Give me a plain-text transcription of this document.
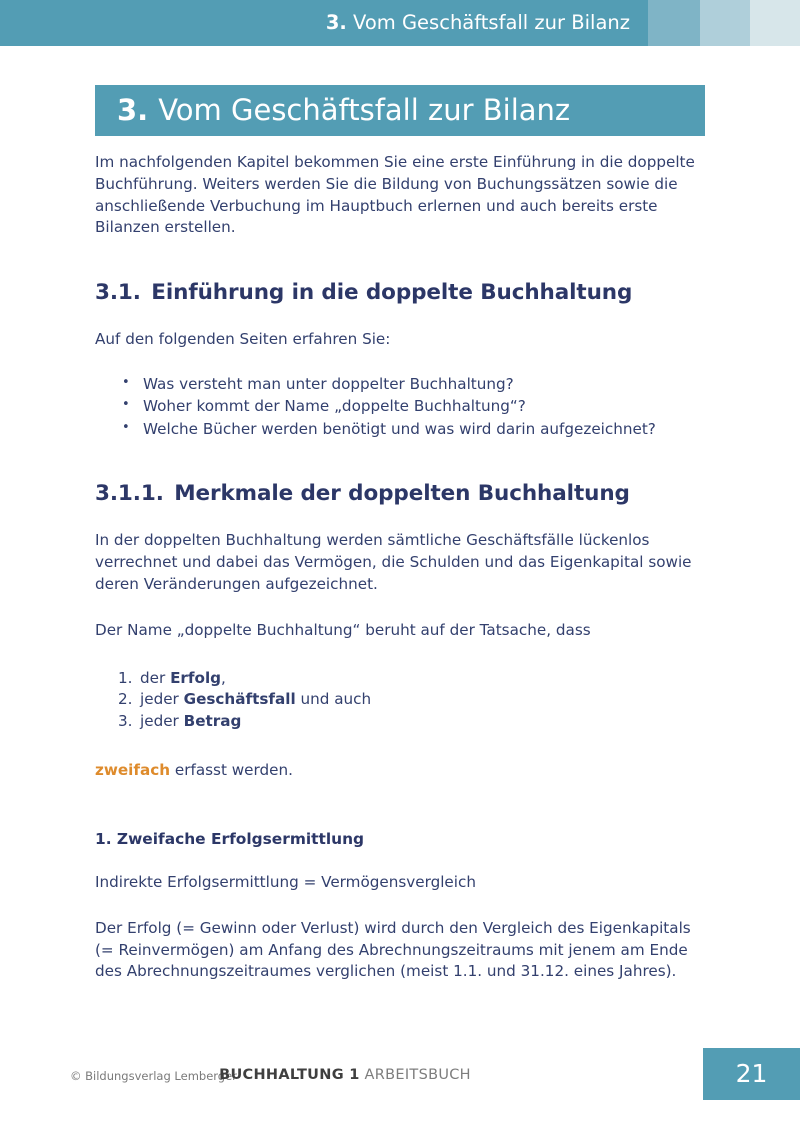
3. Vom Geschäftsfall zur Bilanz
3. Vom Geschäftsfall zur Bilanz

Im nachfolgenden Kapitel bekommen Sie eine erste Einführung in die doppelte Buchführung. Weiters werden Sie die Bildung von Buchungssätzen sowie die anschließende Verbuchung im Hauptbuch erlernen und auch bereits erste Bilanzen erstellen.

3.1. Einführung in die doppelte Buchhaltung

Auf den folgenden Seiten erfahren Sie:

• Was versteht man unter doppelter Buchhaltung?
• Woher kommt der Name „doppelte Buchhaltung“?
• Welche Bücher werden benötigt und was wird darin aufgezeichnet?
3.1.1. Merkmale der doppelten Buchhaltung

In der doppelten Buchhaltung werden sämtliche Geschäftsfälle lückenlos verrechnet und dabei das Vermögen, die Schulden und das Eigenkapital sowie deren Veränderungen aufgezeichnet.

Der Name „doppelte Buchhaltung“ beruht auf der Tatsache, dass

der Erfolg,
jeder Geschäftsfall und auch
jeder Betrag

zweifach erfasst werden.

1. Zweifache Erfolgsermittlung

Indirekte Erfolgsermittlung = Vermögensvergleich

Der Erfolg (= Gewinn oder Verlust) wird durch den Vergleich des Eigenkapitals (= Reinvermögen) am Anfang des Abrechnungszeitraums mit jenem am Ende des Abrechnungszeitraumes verglichen (meist 1.1. und 31.12. eines Jahres).

© Bildungsverlag Lemberger
BUCHHALTUNG 1 ARBEITSBUCH	21
